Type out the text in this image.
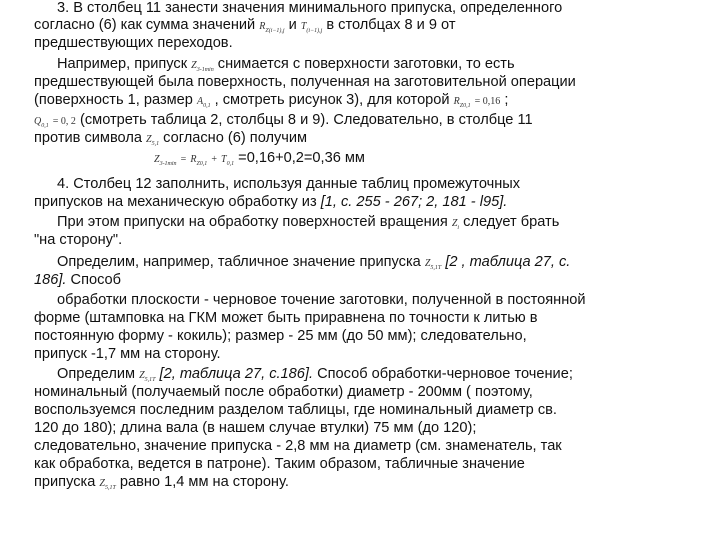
3. В столбец 11 занести значения минимального припуска, определенного
согласно (6) как сумма значений $R_{Z(i-1),j}$ и $T_{(i-1),j}$ в столбцах 8 и 9 от
предшествующих переходов.
Например, припуск $Z_{3-1min}$ снимается с поверхности заготовки, то есть
предшествующей была поверхность, полученная на заготовительной операции
(поверхность 1, размер $A_{0,1}$ , смотреть рисунок 3), для которой $R_{Z0,1} = 0,16$ ;
$Q_{0,1} = 0$, 2 (смотреть таблица 2, столбцы 8 и 9). Следовательно, в столбце 11
против символа $Z_{5,1}$ согласно (6) получим
$Z_{3-1min} = R_{Z0,1} + T_{0,1} =0,16+0,2=0,36$ мм
4. Столбец 12 заполнить, используя данные таблиц промежуточных
припусков на механическую обработку из [1, с. 255 - 267; 2, 181 - l95].
При этом припуски на обработку поверхностей вращения $Z_i$ следует брать
"на сторону".
Определим, например, табличное значение припуска $Z_{5,1T}$ [2 , таблица 27, с.
186]. Способ
обработки плоскости - черновое точение заготовки, полученной в постоянной
форме (штамповка на ГКМ может быть приравнена по точности к литью в
постоянную форму - кокиль); размер - 25 мм (до 50 мм); следовательно,
припуск -1,7 мм на сторону.
Определим $Z_{5,1T}$ [2, таблица 27, с.186]. Способ обработки-черновое точение;
номинальный (получаемый после обработки) диаметр - 200мм ( поэтому,
воспользуемся последним разделом таблицы, где номинальный диаметр св.
120 до 180); длина вала (в нашем случае втулки) 75 мм (до 120);
следовательно, значение припуска - 2,8 мм на диаметр (см. знаменатель, так
как обработка, ведется в патроне). Таким образом, табличные значение
припуска $Z_{5,1T}$ равно 1,4 мм на сторону.
